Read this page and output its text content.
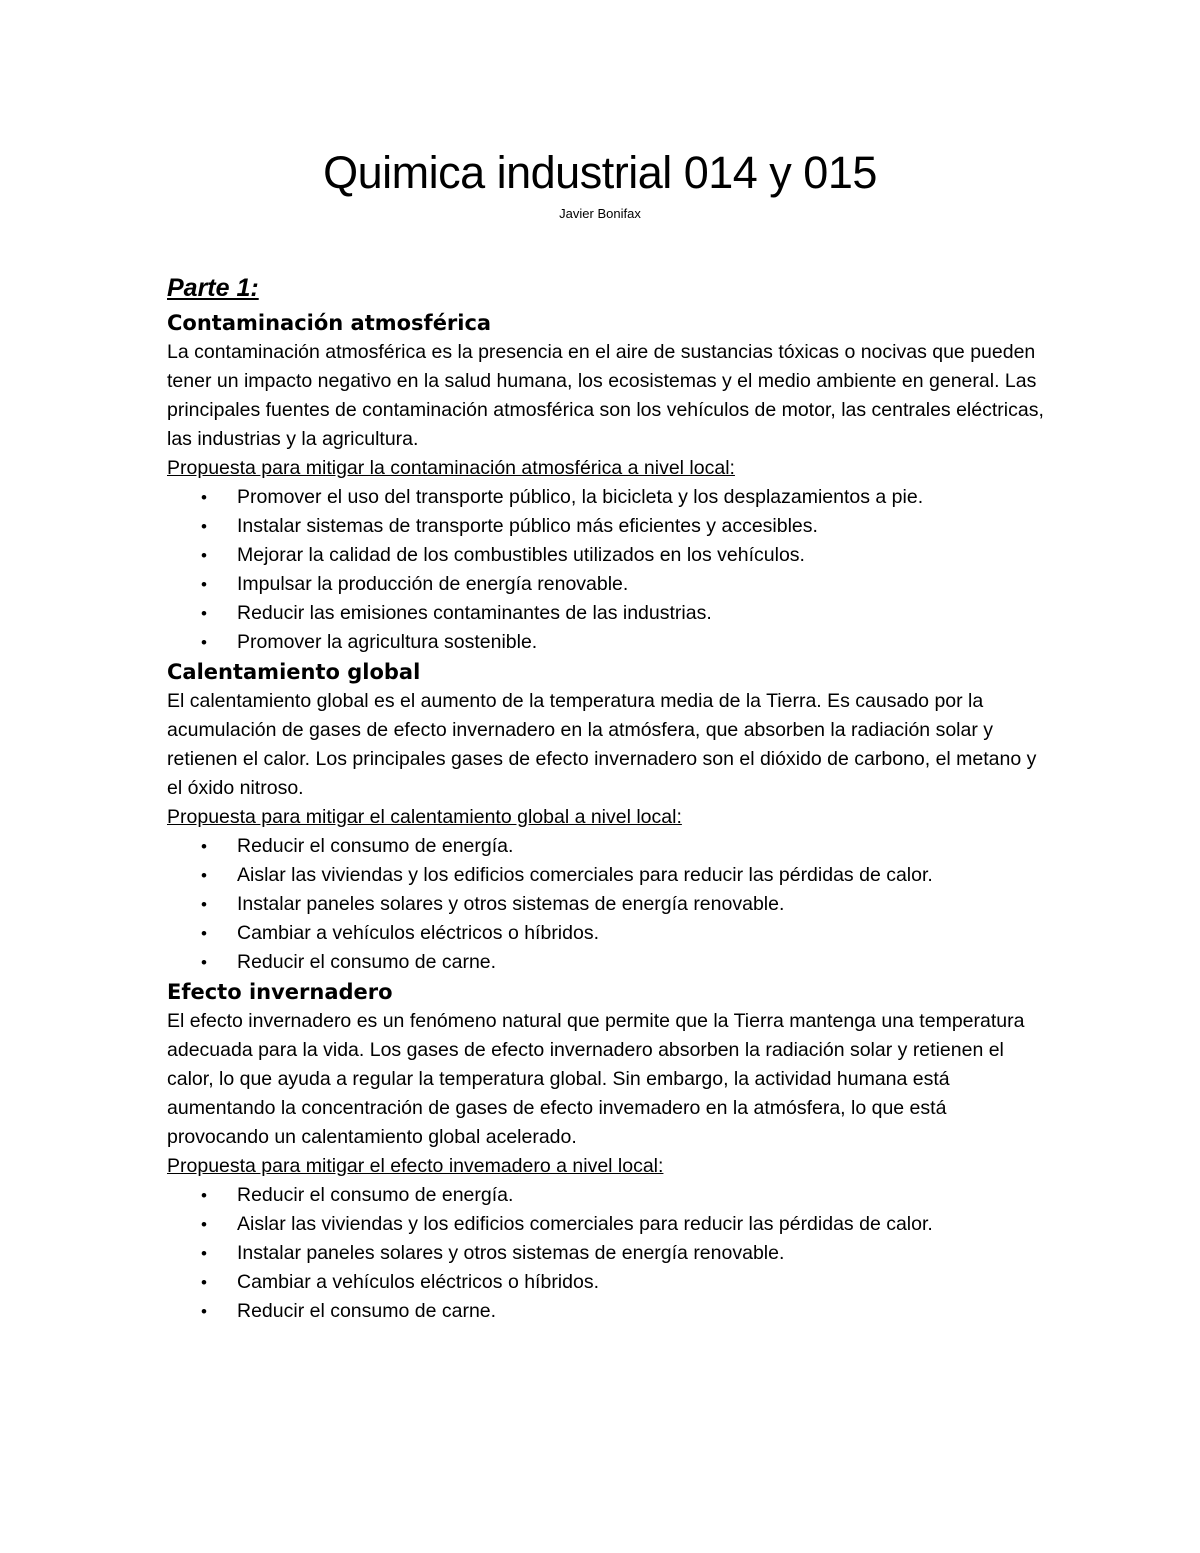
Quimica industrial 014 y 015

Javier Bonifax

Parte 1:
Contaminación atmosférica

La contaminación atmosférica es la presencia en el aire de sustancias tóxicas o nocivas que pueden tener un impacto negativo en la salud humana, los ecosistemas y el medio ambiente en general. Las principales fuentes de contaminación atmosférica son los vehículos de motor, las centrales eléctricas, las industrias y la agricultura.

Propuesta para mitigar la contaminación atmosférica a nivel local:

• Promover el uso del transporte público, la bicicleta y los desplazamientos a pie.
• Instalar sistemas de transporte público más eficientes y accesibles.
• Mejorar la calidad de los combustibles utilizados en los vehículos.
• Impulsar la producción de energía renovable.
• Reducir las emisiones contaminantes de las industrias.
• Promover la agricultura sostenible.
Calentamiento global

El calentamiento global es el aumento de la temperatura media de la Tierra. Es causado por la acumulación de gases de efecto invernadero en la atmósfera, que absorben la radiación solar y retienen el calor. Los principales gases de efecto invernadero son el dióxido de carbono, el metano y el óxido nitroso.

Propuesta para mitigar el calentamiento global a nivel local:

• Reducir el consumo de energía.
• Aislar las viviendas y los edificios comerciales para reducir las pérdidas de calor.
• Instalar paneles solares y otros sistemas de energía renovable.
• Cambiar a vehículos eléctricos o híbridos.
• Reducir el consumo de carne.
Efecto invernadero

El efecto invernadero es un fenómeno natural que permite que la Tierra mantenga una temperatura adecuada para la vida. Los gases de efecto invernadero absorben la radiación solar y retienen el calor, lo que ayuda a regular la temperatura global. Sin embargo, la actividad humana está aumentando la concentración de gases de efecto invemadero en la atmósfera, lo que está provocando un calentamiento global acelerado.

Propuesta para mitigar el efecto invemadero a nivel local:

• Reducir el consumo de energía.
• Aislar las viviendas y los edificios comerciales para reducir las pérdidas de calor.
• Instalar paneles solares y otros sistemas de energía renovable.
• Cambiar a vehículos eléctricos o híbridos.
• Reducir el consumo de carne.
